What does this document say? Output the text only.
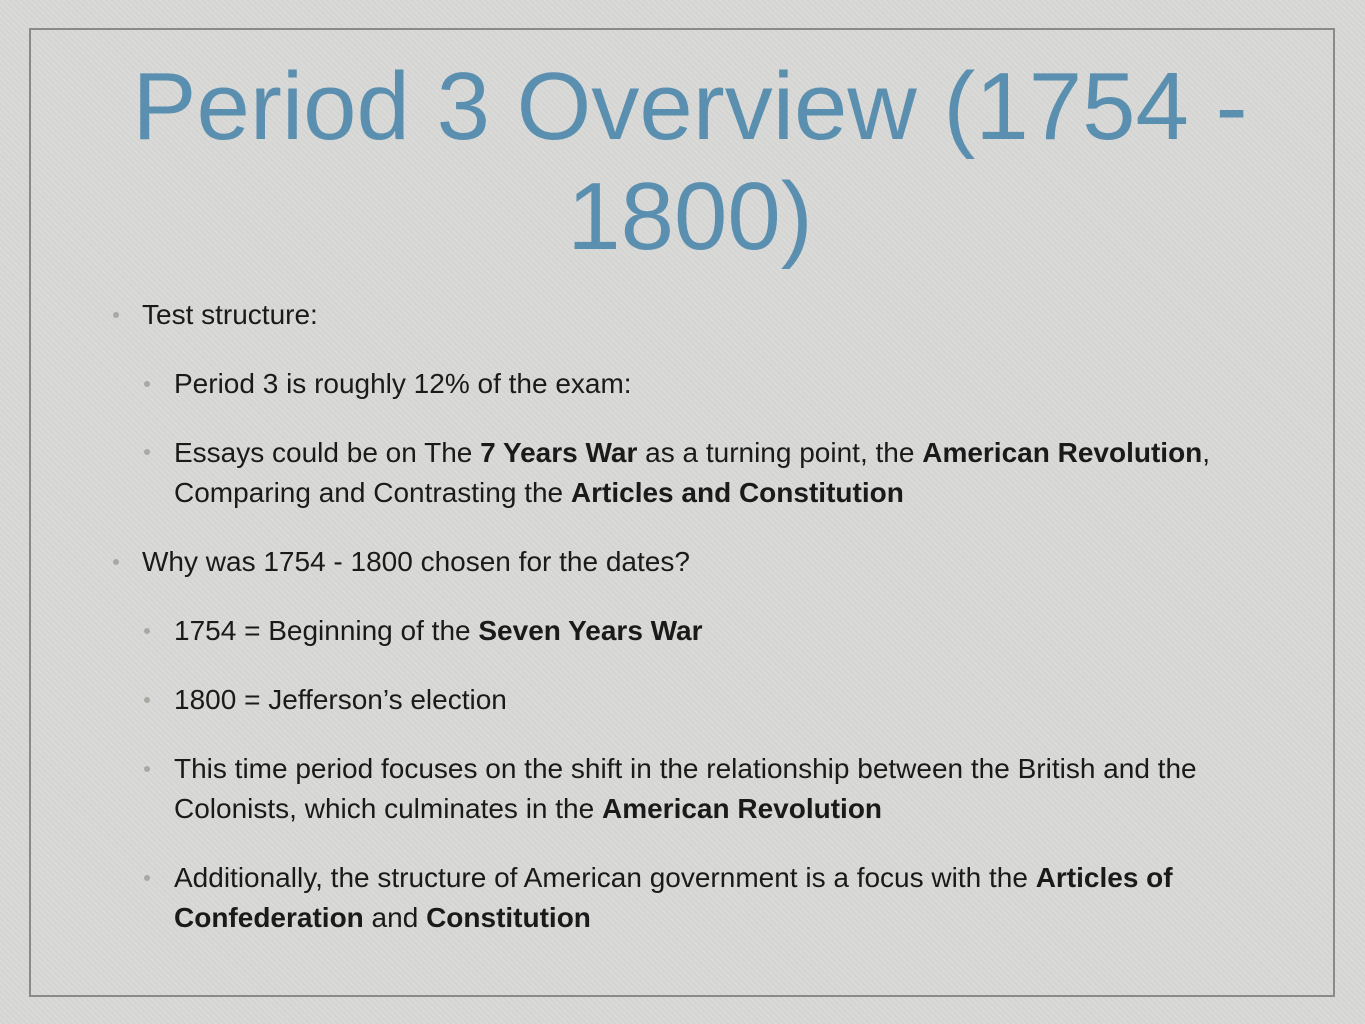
Period 3 Overview (1754 - 1800)
Test structure:
Period 3 is roughly 12% of the exam:
Essays could be on The 7 Years War as a turning point, the American Revolution, Comparing and Contrasting the Articles and Constitution
Why was 1754 - 1800 chosen for the dates?
1754 = Beginning of the Seven Years War
1800 = Jefferson’s election
This time period focuses on the shift in the relationship between the British and the Colonists, which culminates in the American Revolution
Additionally, the structure of American government is a focus with the Articles of Confederation and Constitution
